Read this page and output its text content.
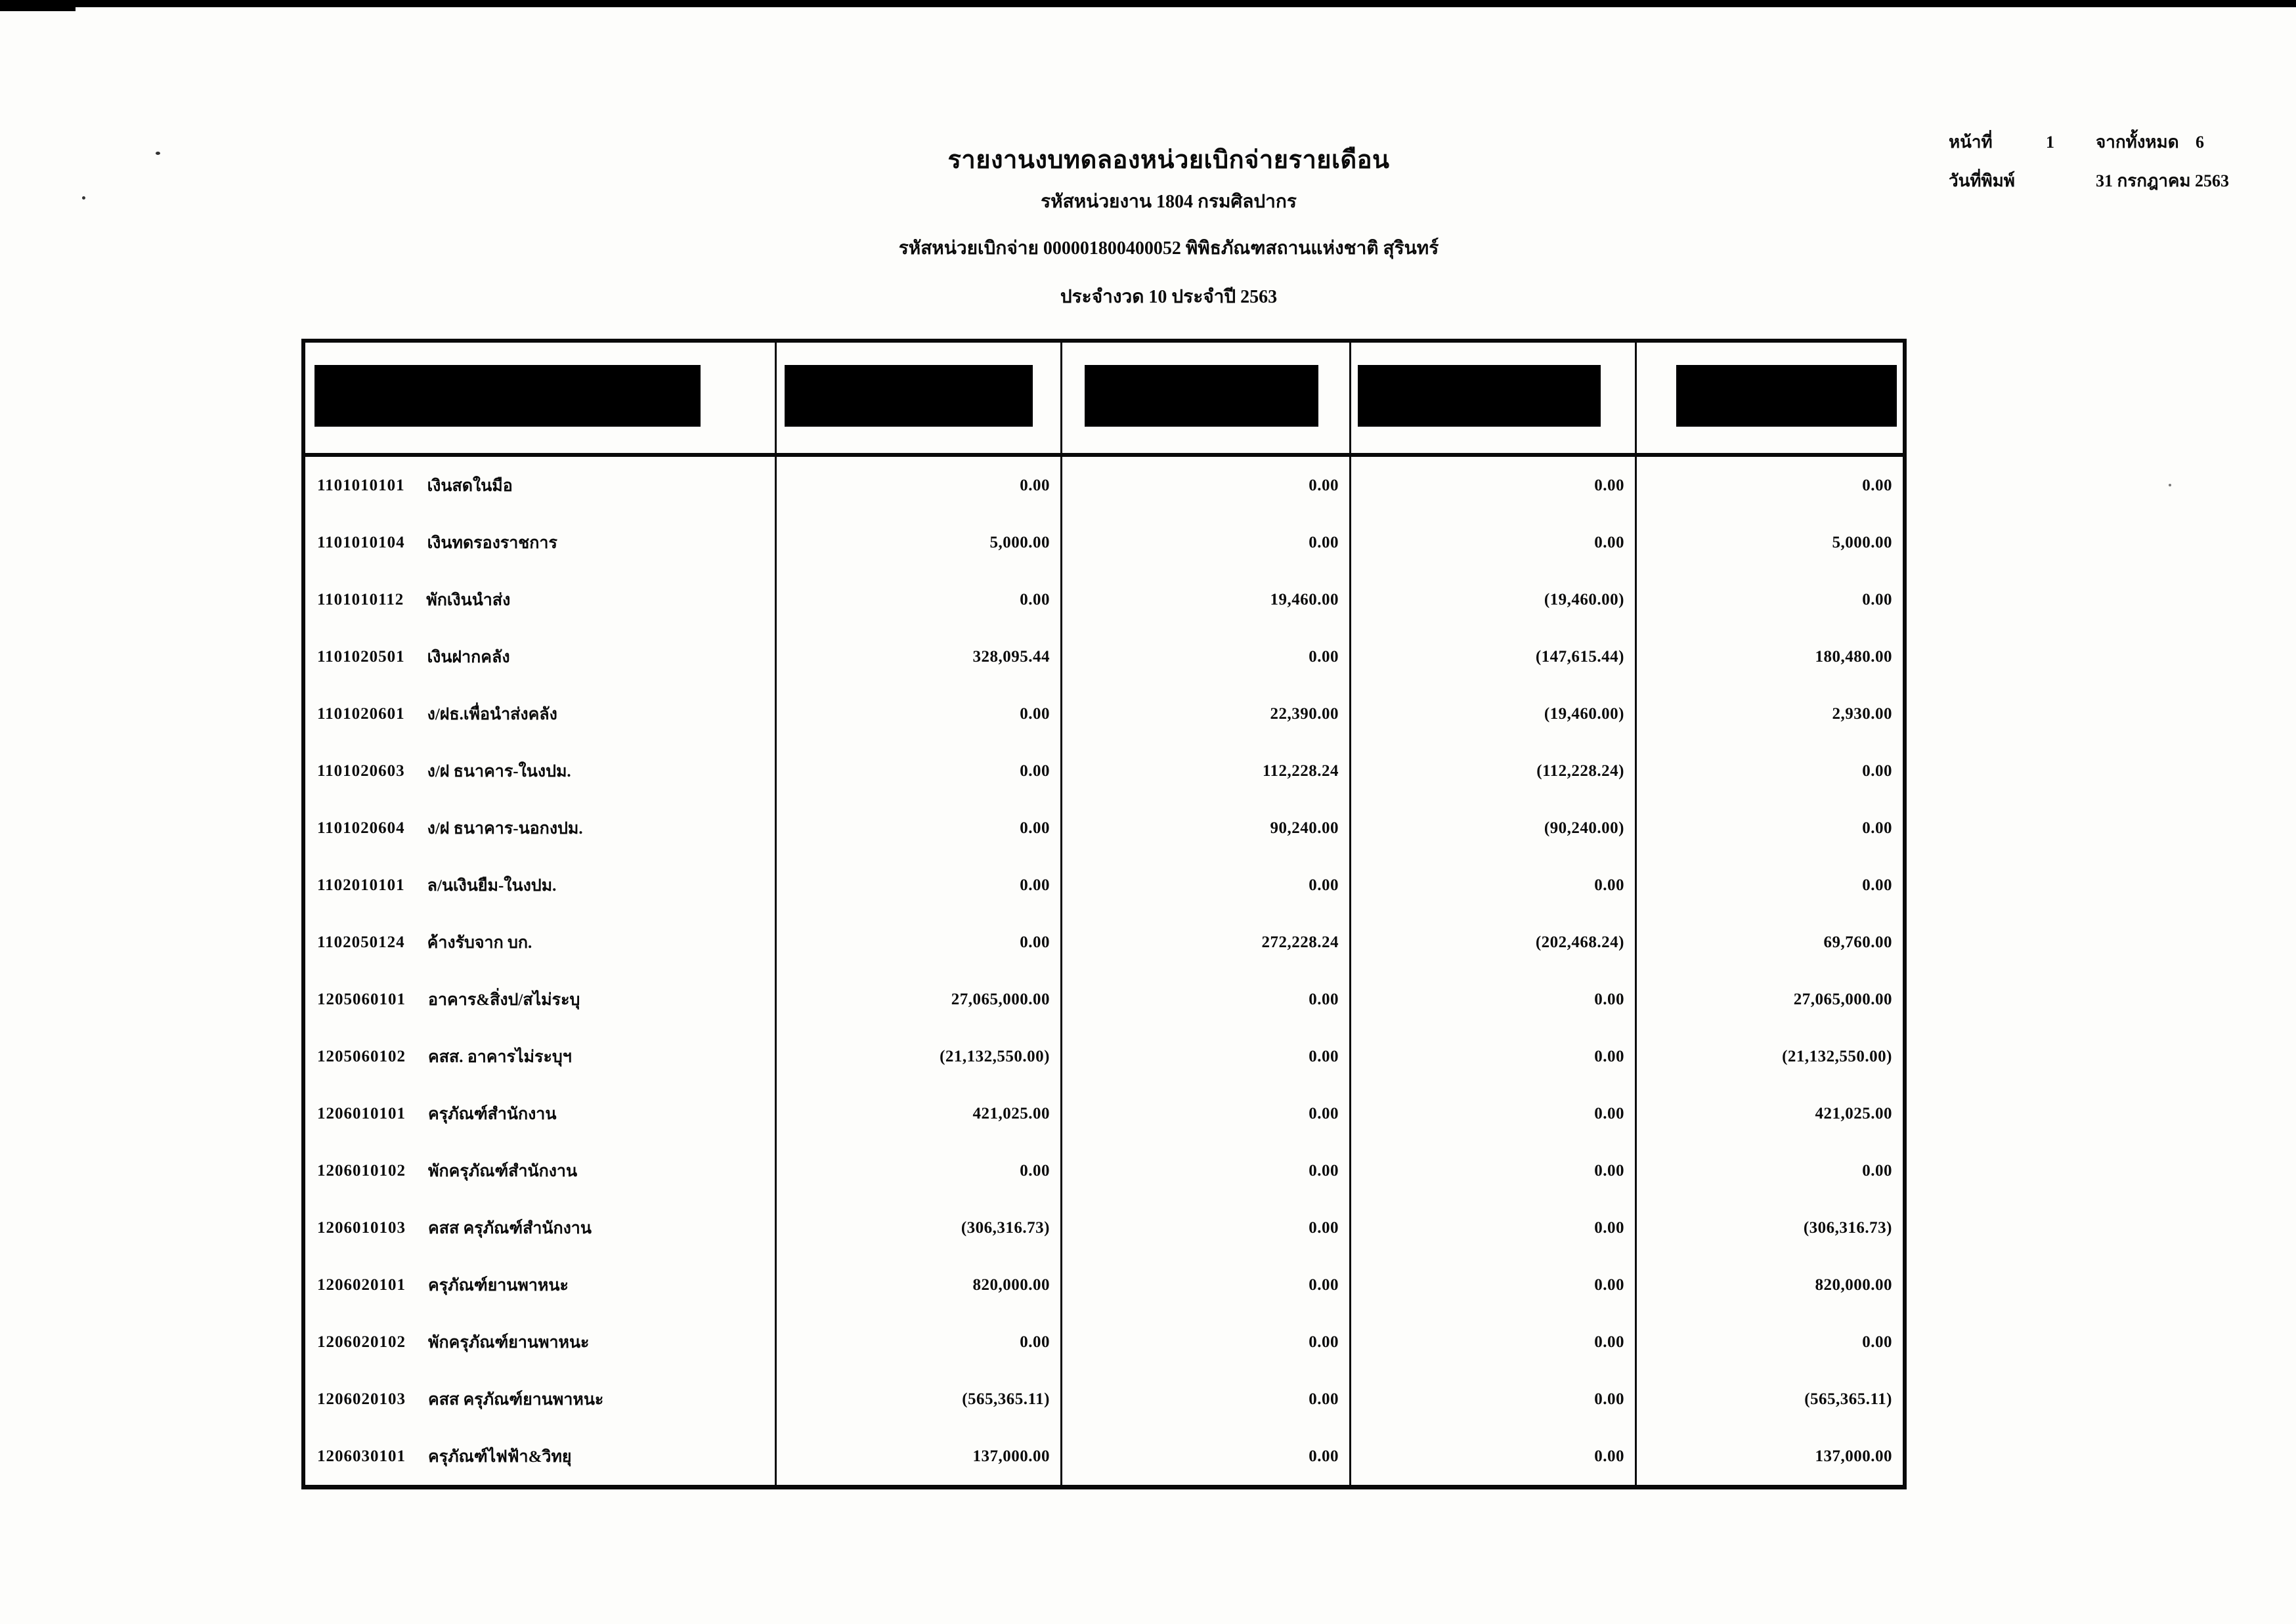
รายงานงบทดลองหน่วยเบิกจ่ายรายเดือน
รหัสหน่วยงาน 1804 กรมศิลปากร
รหัสหน่วยเบิกจ่าย 000001800400052 พิพิธภัณฑสถานแห่งชาติ สุรินทร์
ประจำงวด 10 ประจำปี 2563
หน้าที่	1	จากทั้งหมด 6
วันที่พิมพ์	31 กรกฎาคม 2563
1101010101 เงินสดในมือ	0.00	0.00	0.00	0.00
1101010104 เงินทดรองราชการ	5,000.00	0.00	0.00	5,000.00
1101010112 พักเงินนำส่ง	0.00	19,460.00	(19,460.00)	0.00
1101020501 เงินฝากคลัง	328,095.44	0.00	(147,615.44)	180,480.00
1101020601 ง/ฝธ.เพื่อนำส่งคลัง	0.00	22,390.00	(19,460.00)	2,930.00
1101020603 ง/ฝ ธนาคาร-ในงปม.	0.00	112,228.24	(112,228.24)	0.00
1101020604 ง/ฝ ธนาคาร-นอกงปม.	0.00	90,240.00	(90,240.00)	0.00
1102010101 ล/นเงินยืม-ในงปม.	0.00	0.00	0.00	0.00
1102050124 ค้างรับจาก บก.	0.00	272,228.24	(202,468.24)	69,760.00
1205060101 อาคาร&สิ่งป/สไม่ระบุ	27,065,000.00	0.00	0.00	27,065,000.00
1205060102 คสส. อาคารไม่ระบุฯ	(21,132,550.00)	0.00	0.00	(21,132,550.00)
1206010101 ครุภัณฑ์สำนักงาน	421,025.00	0.00	0.00	421,025.00
1206010102 พักครุภัณฑ์สำนักงาน	0.00	0.00	0.00	0.00
1206010103 คสส ครุภัณฑ์สำนักงาน	(306,316.73)	0.00	0.00	(306,316.73)
1206020101 ครุภัณฑ์ยานพาหนะ	820,000.00	0.00	0.00	820,000.00
1206020102 พักครุภัณฑ์ยานพาหนะ	0.00	0.00	0.00	0.00
1206020103 คสส ครุภัณฑ์ยานพาหนะ	(565,365.11)	0.00	0.00	(565,365.11)
1206030101 ครุภัณฑ์ไฟฟ้า&วิทยุ	137,000.00	0.00	0.00	137,000.00
